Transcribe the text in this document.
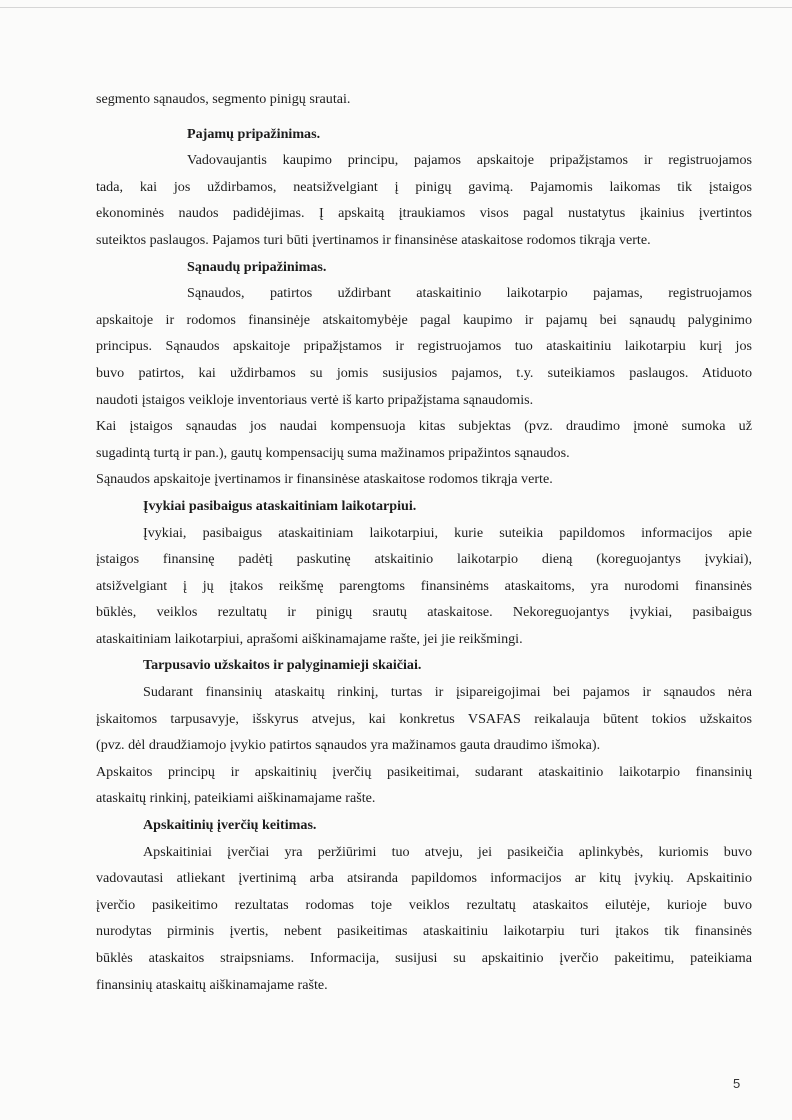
segmento sąnaudos, segmento pinigų srautai.

Pajamų pripažinimas.

Vadovaujantis kaupimo principu, pajamos apskaitoje pripažįstamos ir registruojamos

tada, kai jos uždirbamos, neatsižvelgiant į pinigų gavimą. Pajamomis laikomas tik įstaigos

ekonominės naudos padidėjimas. Į apskaitą įtraukiamos visos pagal nustatytus įkainius įvertintos

suteiktos paslaugos. Pajamos turi būti įvertinamos ir finansinėse ataskaitose rodomos tikrąja verte.

Sąnaudų pripažinimas.

Sąnaudos, patirtos uždirbant ataskaitinio laikotarpio pajamas, registruojamos

apskaitoje ir rodomos finansinėje atskaitomybėje pagal kaupimo ir pajamų bei sąnaudų palyginimo

principus. Sąnaudos apskaitoje pripažįstamos ir registruojamos tuo ataskaitiniu laikotarpiu kurį jos

buvo patirtos, kai uždirbamos su jomis susijusios pajamos, t.y. suteikiamos paslaugos. Atiduoto

naudoti įstaigos veikloje inventoriaus vertė iš karto pripažįstama sąnaudomis.

Kai įstaigos sąnaudas jos naudai kompensuoja kitas subjektas (pvz. draudimo įmonė sumoka už

sugadintą turtą ir pan.), gautų kompensacijų suma mažinamos pripažintos sąnaudos.

Sąnaudos apskaitoje įvertinamos ir finansinėse ataskaitose rodomos tikrąja verte.

Įvykiai pasibaigus ataskaitiniam laikotarpiui.

Įvykiai, pasibaigus ataskaitiniam laikotarpiui, kurie suteikia papildomos informacijos apie

įstaigos finansinę padėtį paskutinę atskaitinio laikotarpio dieną (koreguojantys įvykiai),

atsižvelgiant į jų įtakos reikšmę parengtoms finansinėms ataskaitoms, yra nurodomi finansinės

būklės, veiklos rezultatų ir pinigų srautų ataskaitose. Nekoreguojantys įvykiai, pasibaigus

ataskaitiniam laikotarpiui, aprašomi aiškinamajame rašte, jei jie reikšmingi.

Tarpusavio užskaitos ir palyginamieji skaičiai.

Sudarant finansinių ataskaitų rinkinį, turtas ir įsipareigojimai bei pajamos ir sąnaudos nėra

įskaitomos tarpusavyje, išskyrus atvejus, kai konkretus VSAFAS reikalauja būtent tokios užskaitos

(pvz. dėl draudžiamojo įvykio patirtos sąnaudos yra mažinamos gauta draudimo išmoka).

Apskaitos principų ir apskaitinių įverčių pasikeitimai, sudarant ataskaitinio laikotarpio finansinių

ataskaitų rinkinį, pateikiami aiškinamajame rašte.

Apskaitinių įverčių keitimas.

Apskaitiniai įverčiai yra peržiūrimi tuo atveju, jei pasikeičia aplinkybės, kuriomis buvo

vadovautasi atliekant įvertinimą arba atsiranda papildomos informacijos ar kitų įvykių. Apskaitinio

įverčio pasikeitimo rezultatas rodomas toje veiklos rezultatų ataskaitos eilutėje, kurioje buvo

nurodytas pirminis įvertis, nebent pasikeitimas ataskaitiniu laikotarpiu turi įtakos tik finansinės

būklės ataskaitos straipsniams. Informacija, susijusi su apskaitinio įverčio pakeitimu, pateikiama

finansinių ataskaitų aiškinamajame rašte.

5
